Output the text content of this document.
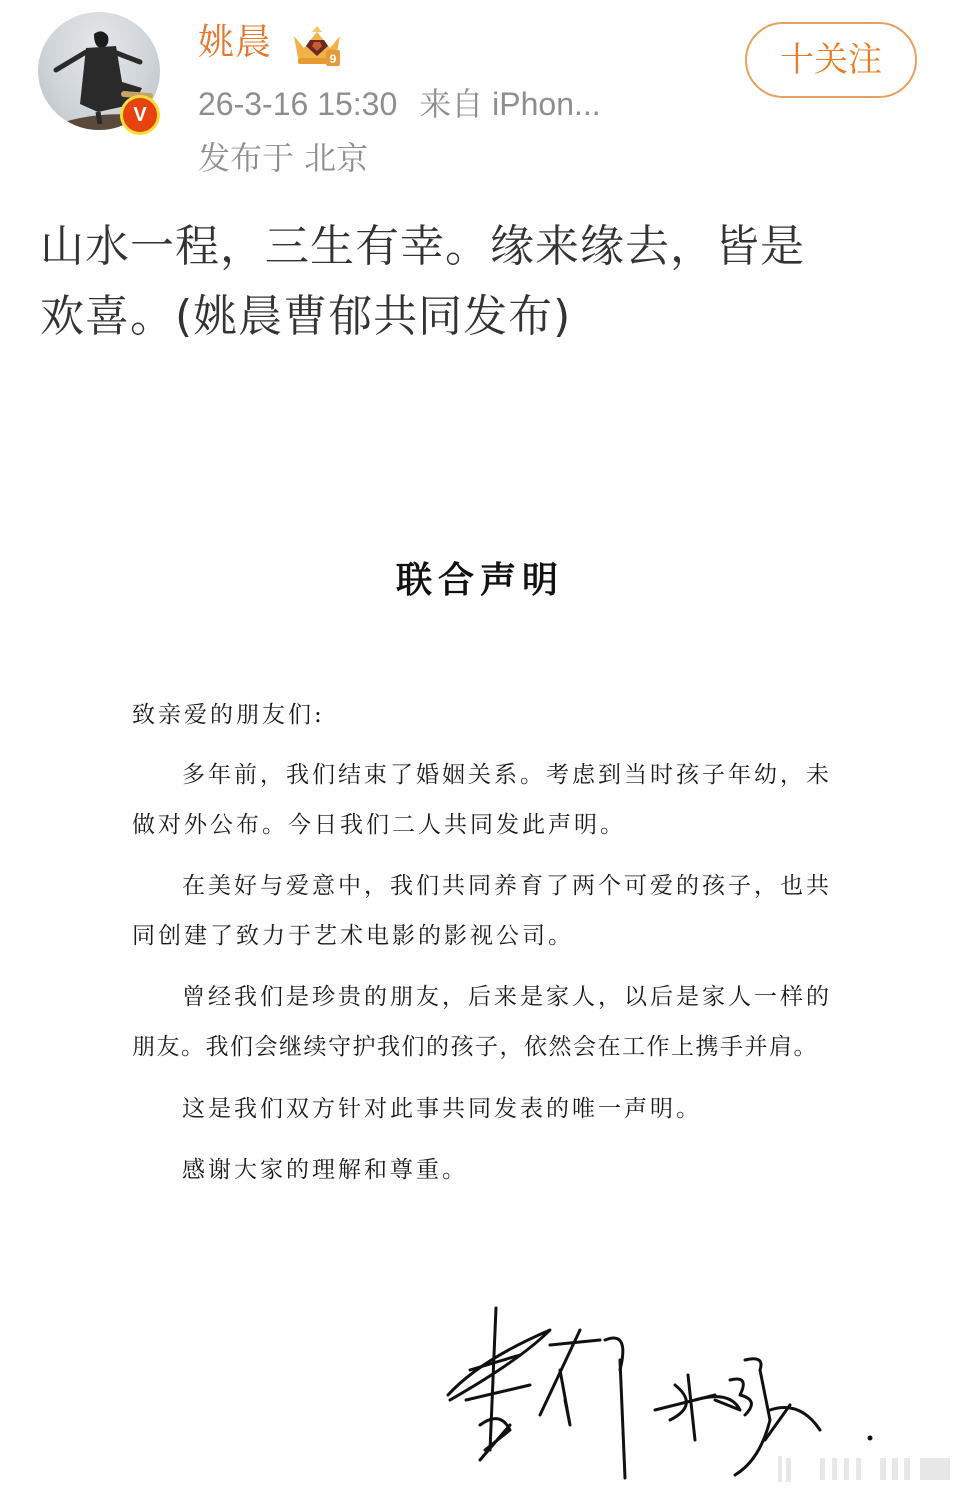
V
姚晨	9
26-3-16 15:30 来自 iPhon...
发布于 北京
十关注
山水一程，三生有幸。缘来缘去，皆是
欢喜。(姚晨曹郁共同发布)
联合声明
致亲爱的朋友们:
多年前，我们结束了婚姻关系。考虑到当时孩子年幼，未
做对外公布。今日我们二人共同发此声明。
在美好与爱意中，我们共同养育了两个可爱的孩子，也共
同创建了致力于艺术电影的影视公司。
曾经我们是珍贵的朋友，后来是家人，以后是家人一样的
朋友。我们会继续守护我们的孩子，依然会在工作上携手并肩。
这是我们双方针对此事共同发表的唯一声明。
感谢大家的理解和尊重。
